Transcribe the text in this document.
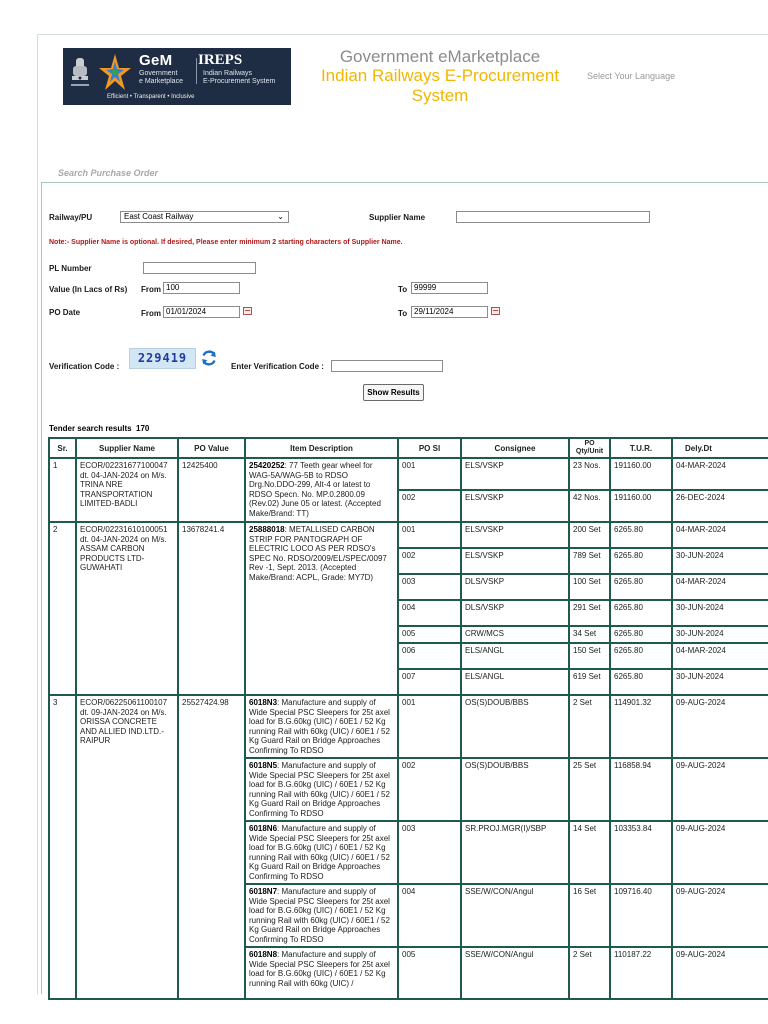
GeM
Government
e Marketplace
IREPS
Indian Railways
E-Procurement System
Efficient • Transparent • Inclusive
Government eMarketplace
Indian Railways E-Procurement System
Select Your Language
Search Purchase Order
Railway/PU	East Coast Railway	⌄	Supplier Name
Note:- Supplier Name is optional. If desired, Please enter minimum 2 starting characters of Supplier Name.
PL Number
Value (In Lacs of Rs) From 100	To 99999
PO Date	From 01/01/2024	To 29/11/2024
Verification Code :
229419
Enter Verification Code :
Show Results
Tender search results 170
Sr.	Supplier Name	PO Value	Item Description	PO Sl	Consignee	PO Qty/Unit	T.U.R.	Dely.Dt
1	ECOR/02231677100047 dt. 04-JAN-2024 on M/s. TRINA NRE TRANSPORTATION LIMITED-BADLI	12425400	25420252: 77 Teeth gear wheel for WAG-5A/WAG-5B to RDSO Drg.No.DDO-299, Alt-4 or latest to RDSO Specn. No. MP.0.2800.09 (Rev.02) June 05 or latest. (Accepted Make/Brand: TT)	001	ELS/VSKP	23 Nos.	191160.00	04-MAR-2024
				002	ELS/VSKP	42 Nos.	191160.00	26-DEC-2024
2	ECOR/02231610100051 dt. 04-JAN-2024 on M/s. ASSAM CARBON PRODUCTS LTD-GUWAHATI	13678241.4	25888018: METALLISED CARBON STRIP FOR PANTOGRAPH OF ELECTRIC LOCO AS PER RDSO's SPEC No. RDSO/2009/EL/SPEC/0097 Rev -1, Sept. 2013. (Accepted Make/Brand: ACPL, Grade: MY7D)	001	ELS/VSKP	200 Set	6265.80	04-MAR-2024
				002	ELS/VSKP	789 Set	6265.80	30-JUN-2024
				003	DLS/VSKP	100 Set	6265.80	04-MAR-2024
				004	DLS/VSKP	291 Set	6265.80	30-JUN-2024
				005	CRW/MCS	34 Set	6265.80	30-JUN-2024
				006	ELS/ANGL	150 Set	6265.80	04-MAR-2024
				007	ELS/ANGL	619 Set	6265.80	30-JUN-2024
3	ECOR/06225061100107 dt. 09-JAN-2024 on M/s. ORISSA CONCRETE AND ALLIED IND.LTD.-RAIPUR	25527424.98	6018N3: Manufacture and supply of Wide Special PSC Sleepers for 25t axel load for B.G.60kg (UIC) / 60E1 / 52 Kg running Rail with 60kg (UIC) / 60E1 / 52 Kg Guard Rail on Bridge Approaches Confirming To RDSO	001	OS(S)DOUB/BBS	2 Set	114901.32	09-AUG-2024
			6018N5: Manufacture and supply of Wide Special PSC Sleepers for 25t axel load for B.G.60kg (UIC) / 60E1 / 52 Kg running Rail with 60kg (UIC) / 60E1 / 52 Kg Guard Rail on Bridge Approaches Confirming To RDSO	002	OS(S)DOUB/BBS	25 Set	116858.94	09-AUG-2024
			6018N6: Manufacture and supply of Wide Special PSC Sleepers for 25t axel load for B.G.60kg (UIC) / 60E1 / 52 Kg running Rail with 60kg (UIC) / 60E1 / 52 Kg Guard Rail on Bridge Approaches Confirming To RDSO	003	SR.PROJ.MGR(I)/SBP	14 Set	103353.84	09-AUG-2024
			6018N7: Manufacture and supply of Wide Special PSC Sleepers for 25t axel load for B.G.60kg (UIC) / 60E1 / 52 Kg running Rail with 60kg (UIC) / 60E1 / 52 Kg Guard Rail on Bridge Approaches Confirming To RDSO	004	SSE/W/CON/Angul	16 Set	109716.40	09-AUG-2024
			6018N8: Manufacture and supply of Wide Special PSC Sleepers for 25t axel load for B.G.60kg (UIC) / 60E1 / 52 Kg running Rail with 60kg (UIC) /	005	SSE/W/CON/Angul	2 Set	110187.22	09-AUG-2024
